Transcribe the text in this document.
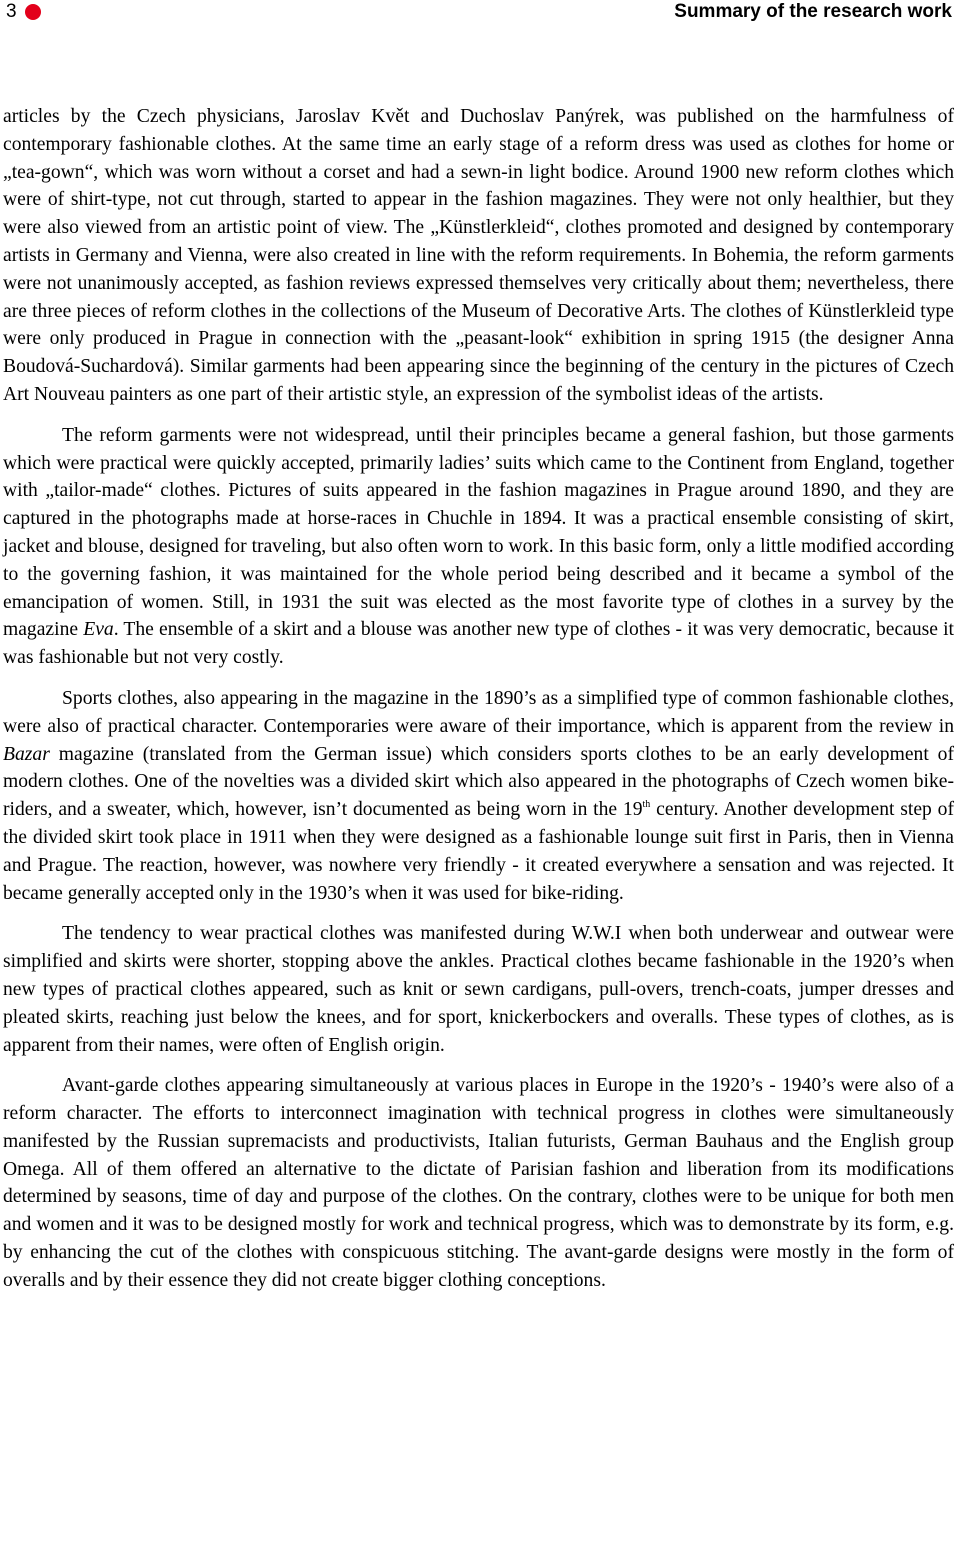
3	Summary of the research work

articles by the Czech physicians, Jaroslav Květ and Duchoslav Panýrek, was published on the harmfulness of contemporary fashionable clothes. At the same time an early stage of a reform dress was used as clothes for home or „tea-gown“, which was worn without a corset and had a sewn-in light bodice. Around 1900 new reform clothes which were of shirt-type, not cut through, started to appear in the fashion magazines. They were not only healthier, but they were also viewed from an artistic point of view. The „Künstlerkleid“, clothes promoted and designed by contemporary artists in Germany and Vienna, were also created in line with the reform requirements. In Bohemia, the reform garments were not unanimously accepted, as fashion reviews expressed themselves very critically about them; nevertheless, there are three pieces of reform clothes in the collections of the Museum of Decorative Arts. The clothes of Künstlerkleid type were only produced in Prague in connection with the „peasant-look“ exhibition in spring 1915 (the designer Anna Boudová-Suchardová). Similar garments had been appearing since the beginning of the century in the pictures of Czech Art Nouveau painters as one part of their artistic style, an expression of the symbolist ideas of the artists.

The reform garments were not widespread, until their principles became a general fashion, but those garments which were practical were quickly accepted, primarily ladies’ suits which came to the Continent from England, together with „tailor-made“ clothes. Pictures of suits appeared in the fashion magazines in Prague around 1890, and they are captured in the photographs made at horse-races in Chuchle in 1894. It was a practical ensemble consisting of skirt, jacket and blouse, designed for traveling, but also often worn to work. In this basic form, only a little modified according to the governing fashion, it was maintained for the whole period being described and it became a symbol of the emancipation of women. Still, in 1931 the suit was elected as the most favorite type of clothes in a survey by the magazine Eva. The ensemble of a skirt and a blouse was another new type of clothes - it was very democratic, because it was fashionable but not very costly.

Sports clothes, also appearing in the magazine in the 1890’s as a simplified type of common fashionable clothes, were also of practical character. Contemporaries were aware of their importance, which is apparent from the review in Bazar magazine (translated from the German issue) which considers sports clothes to be an early development of modern clothes. One of the novelties was a divided skirt which also appeared in the photographs of Czech women bike-riders, and a sweater, which, however, isn’t documented as being worn in the 19th century. Another development step of the divided skirt took place in 1911 when they were designed as a fashionable lounge suit first in Paris, then in Vienna and Prague. The reaction, however, was nowhere very friendly - it created everywhere a sensation and was rejected. It became generally accepted only in the 1930’s when it was used for bike-riding.

The tendency to wear practical clothes was manifested during W.W.I when both underwear and outwear were simplified and skirts were shorter, stopping above the ankles. Practical clothes became fashionable in the 1920’s when new types of practical clothes appeared, such as knit or sewn cardigans, pull-overs, trench-coats, jumper dresses and pleated skirts, reaching just below the knees, and for sport, knickerbockers and overalls. These types of clothes, as is apparent from their names, were often of English origin.

Avant-garde clothes appearing simultaneously at various places in Europe in the 1920’s - 1940’s were also of a reform character. The efforts to interconnect imagination with technical progress in clothes were simultaneously manifested by the Russian supremacists and productivists, Italian futurists, German Bauhaus and the English group Omega. All of them offered an alternative to the dictate of Parisian fashion and liberation from its modifications determined by seasons, time of day and purpose of the clothes. On the contrary, clothes were to be unique for both men and women and it was to be designed mostly for work and technical progress, which was to demonstrate by its form, e.g. by enhancing the cut of the clothes with conspicuous stitching. The avant-garde designs were mostly in the form of overalls and by their essence they did not create bigger clothing conceptions.
